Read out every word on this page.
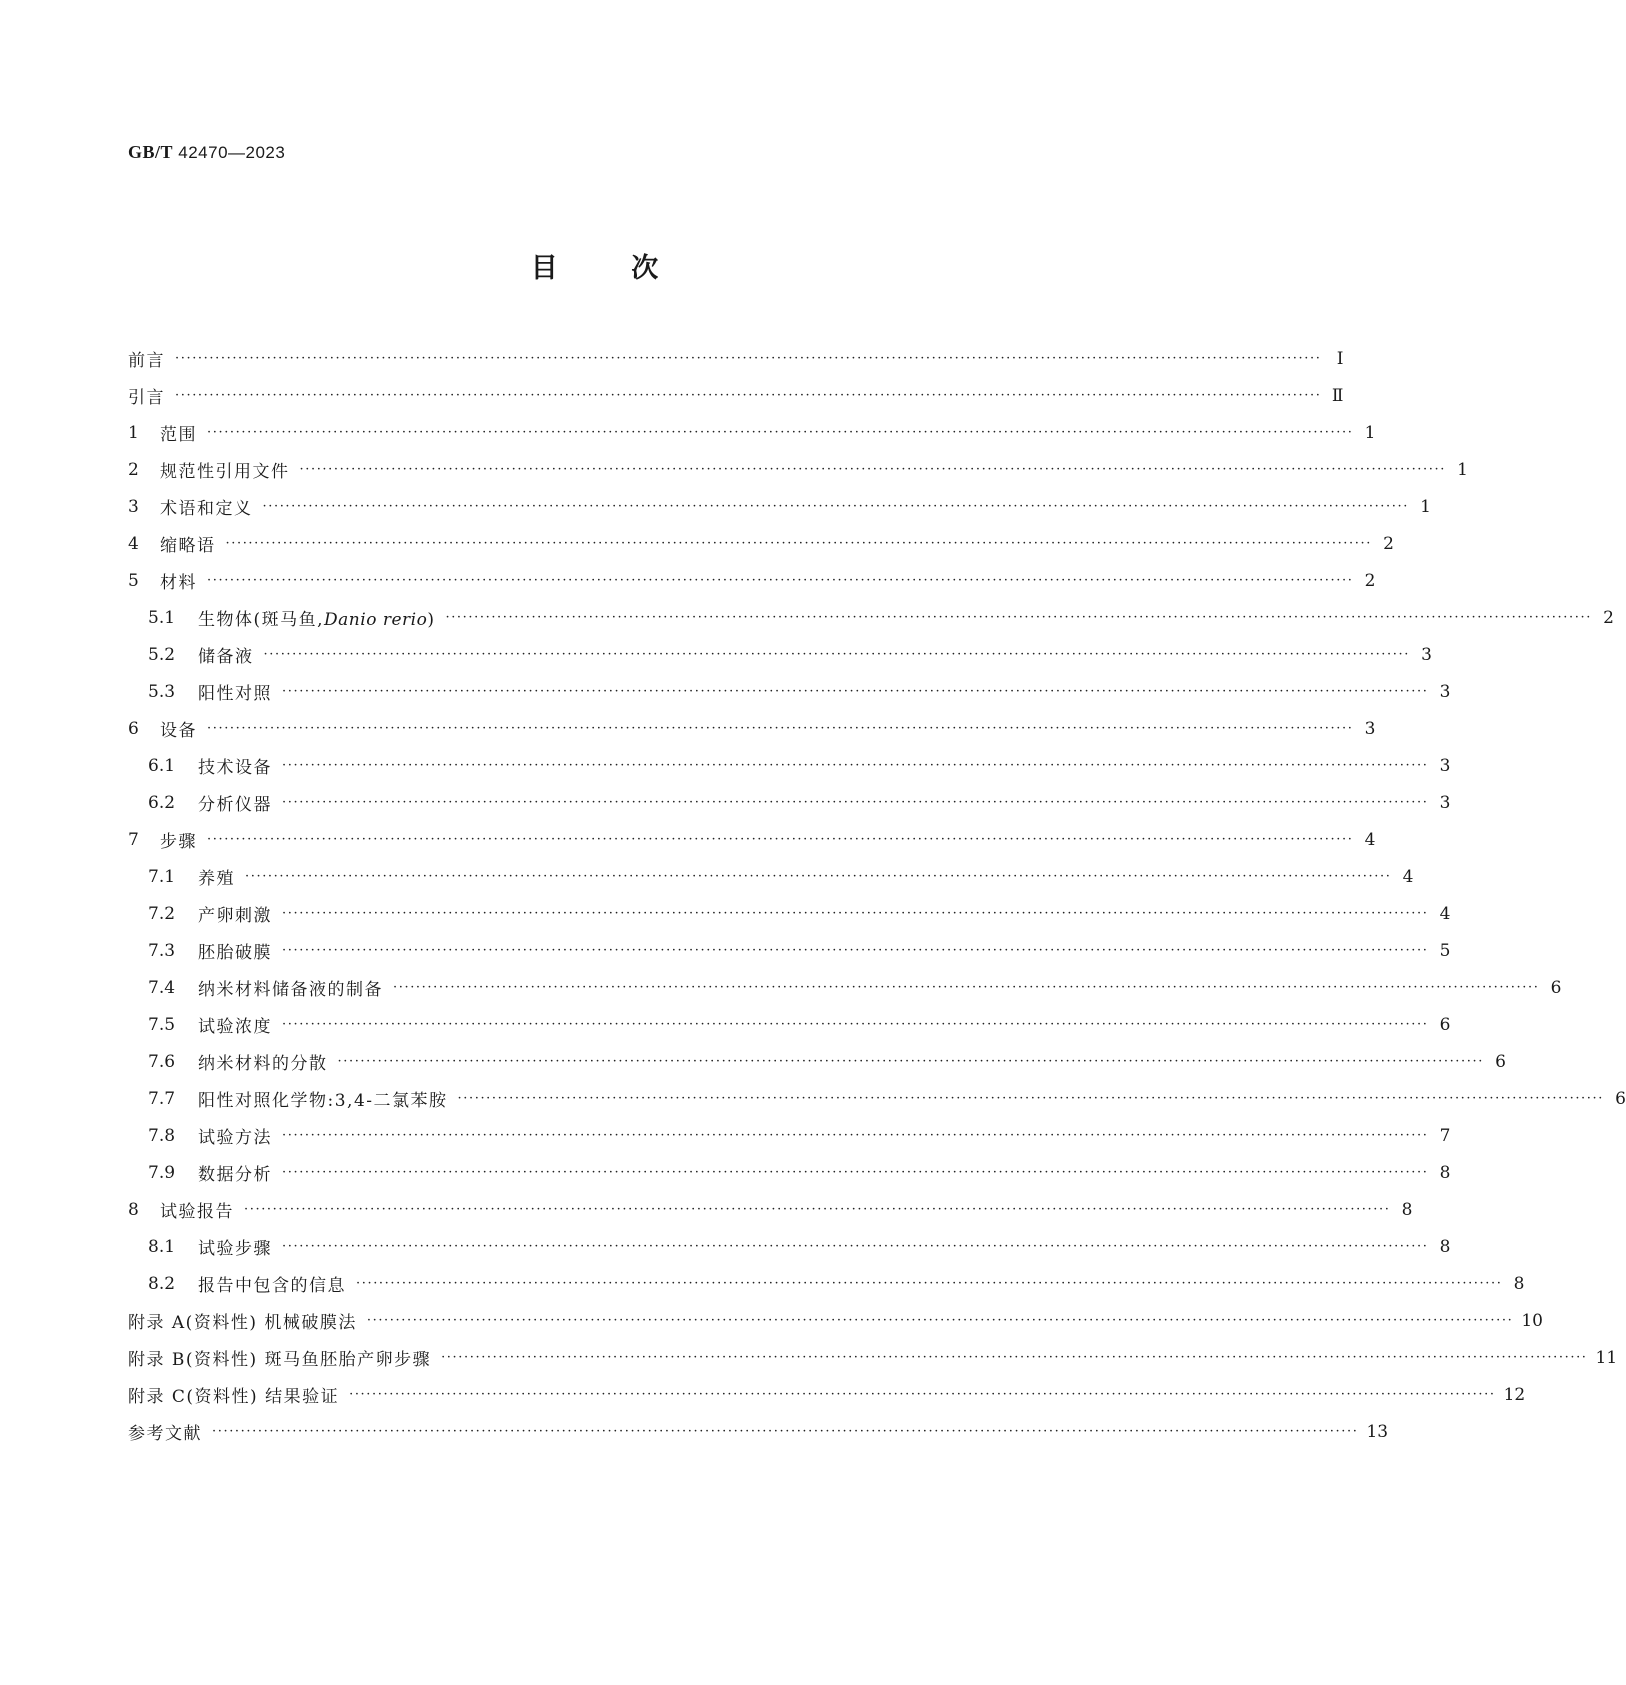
GB/T 42470—2023
目 次
前言 ········································································································································································································ Ⅰ
引言 ········································································································································································································ Ⅱ
1	范围 ········································································································································································································ 1
2	规范性引用文件 ········································································································································································································ 1
3	术语和定义 ········································································································································································································ 1
4	缩略语 ········································································································································································································ 2
5	材料 ········································································································································································································ 2
5.1	生物体(斑马鱼,Danio rerio) ········································································································································································································ 2
5.2	储备液 ········································································································································································································ 3
5.3	阳性对照 ········································································································································································································ 3
6	设备 ········································································································································································································ 3
6.1	技术设备 ········································································································································································································ 3
6.2	分析仪器 ········································································································································································································ 3
7	步骤 ········································································································································································································ 4
7.1	养殖 ········································································································································································································ 4
7.2	产卵刺激 ········································································································································································································ 4
7.3	胚胎破膜 ········································································································································································································ 5
7.4	纳米材料储备液的制备 ········································································································································································································ 6
7.5	试验浓度 ········································································································································································································ 6
7.6	纳米材料的分散 ········································································································································································································ 6
7.7	阳性对照化学物:3,4-二氯苯胺 ········································································································································································································ 6
7.8	试验方法 ········································································································································································································ 7
7.9	数据分析 ········································································································································································································ 8
8	试验报告 ········································································································································································································ 8
8.1	试验步骤 ········································································································································································································ 8
8.2	报告中包含的信息 ········································································································································································································ 8
附录 A(资料性) 机械破膜法 ········································································································································································································ 10
附录 B(资料性) 斑马鱼胚胎产卵步骤 ········································································································································································································ 11
附录 C(资料性) 结果验证 ········································································································································································································ 12
参考文献 ········································································································································································································ 13
